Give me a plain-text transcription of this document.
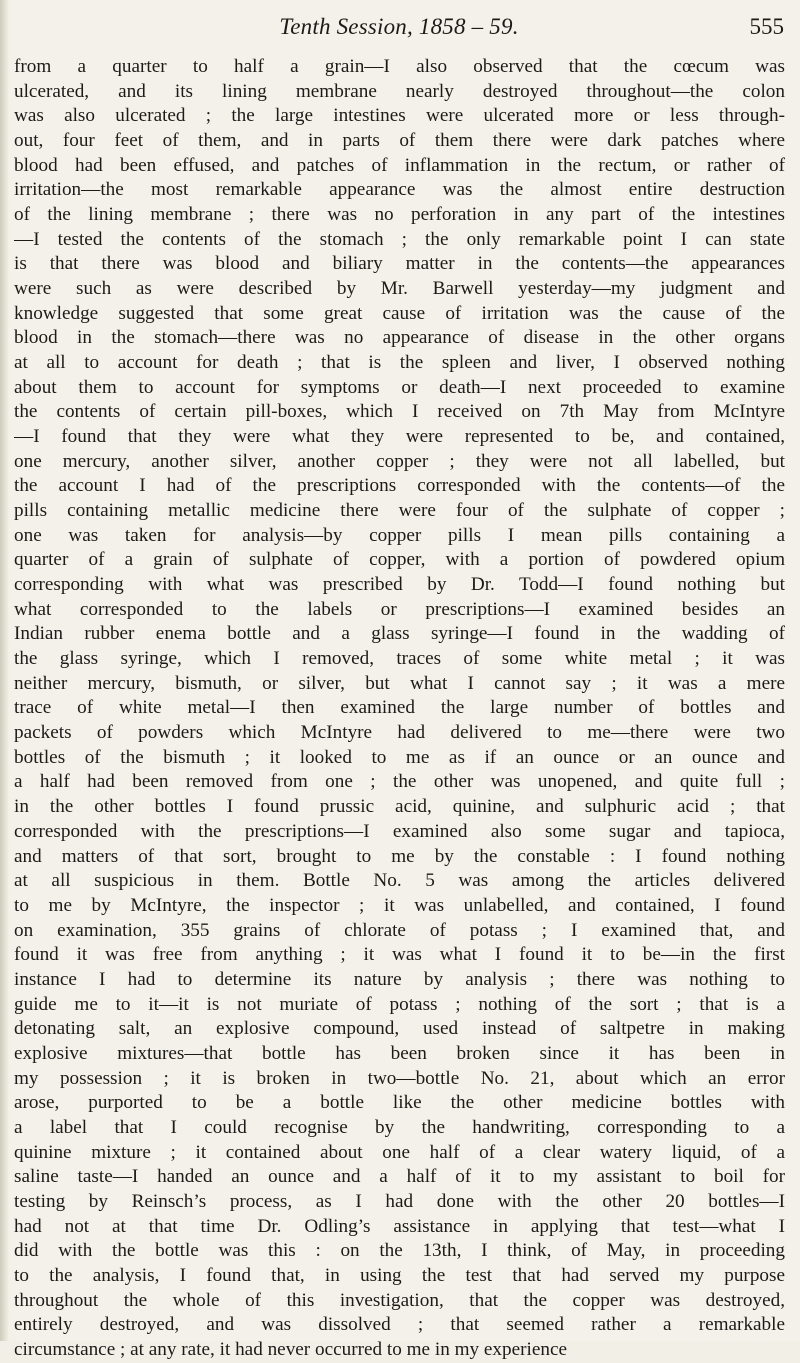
Tenth Session, 1858 – 59.	555
from a quarter to half a grain—I also observed that the cœcum was
ulcerated, and its lining membrane nearly destroyed throughout—the colon
was also ulcerated ; the large intestines were ulcerated more or less through-
out, four feet of them, and in parts of them there were dark patches where
blood had been effused, and patches of inflammation in the rectum, or rather of
irritation—the most remarkable appearance was the almost entire destruction
of the lining membrane ; there was no perforation in any part of the intestines
—I tested the contents of the stomach ; the only remarkable point I can state
is that there was blood and biliary matter in the contents—the appearances
were such as were described by Mr. Barwell yesterday—my judgment and
knowledge suggested that some great cause of irritation was the cause of the
blood in the stomach—there was no appearance of disease in the other organs
at all to account for death ; that is the spleen and liver, I observed nothing
about them to account for symptoms or death—I next proceeded to examine
the contents of certain pill-boxes, which I received on 7th May from McIntyre
—I found that they were what they were represented to be, and contained,
one mercury, another silver, another copper ; they were not all labelled, but
the account I had of the prescriptions corresponded with the contents—of the
pills containing metallic medicine there were four of the sulphate of copper ;
one was taken for analysis—by copper pills I mean pills containing a
quarter of a grain of sulphate of copper, with a portion of powdered opium
corresponding with what was prescribed by Dr. Todd—I found nothing but
what corresponded to the labels or prescriptions—I examined besides an
Indian rubber enema bottle and a glass syringe—I found in the wadding of
the glass syringe, which I removed, traces of some white metal ; it was
neither mercury, bismuth, or silver, but what I cannot say ; it was a mere
trace of white metal—I then examined the large number of bottles and
packets of powders which McIntyre had delivered to me—there were two
bottles of the bismuth ; it looked to me as if an ounce or an ounce and
a half had been removed from one ; the other was unopened, and quite full ;
in the other bottles I found prussic acid, quinine, and sulphuric acid ; that
corresponded with the prescriptions—I examined also some sugar and tapioca,
and matters of that sort, brought to me by the constable : I found nothing
at all suspicious in them. Bottle No. 5 was among the articles delivered
to me by McIntyre, the inspector ; it was unlabelled, and contained, I found
on examination, 355 grains of chlorate of potass ; I examined that, and
found it was free from anything ; it was what I found it to be—in the first
instance I had to determine its nature by analysis ; there was nothing to
guide me to it—it is not muriate of potass ; nothing of the sort ; that is a
detonating salt, an explosive compound, used instead of saltpetre in making
explosive mixtures—that bottle has been broken since it has been in
my possession ; it is broken in two—bottle No. 21, about which an error
arose, purported to be a bottle like the other medicine bottles with
a label that I could recognise by the handwriting, corresponding to a
quinine mixture ; it contained about one half of a clear watery liquid, of a
saline taste—I handed an ounce and a half of it to my assistant to boil for
testing by Reinsch’s process, as I had done with the other 20 bottles—I
had not at that time Dr. Odling’s assistance in applying that test—what I
did with the bottle was this : on the 13th, I think, of May, in proceeding
to the analysis, I found that, in using the test that had served my purpose
throughout the whole of this investigation, that the copper was destroyed,
entirely destroyed, and was dissolved ; that seemed rather a remarkable
circumstance ; at any rate, it had never occurred to me in my experience
